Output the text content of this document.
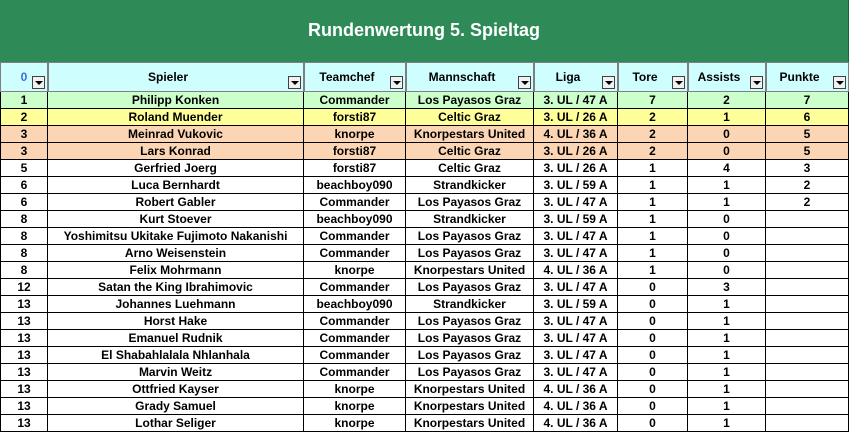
Rundenwertung 5. Spieltag
0	Spieler	Teamchef	Mannschaft	Liga	Tore	Assists	Punkte
1	Philipp Konken	Commander	Los Payasos Graz	3. UL / 47 A	7	2	7
2	Roland Muender	forsti87	Celtic Graz	3. UL / 26 A	2	1	6
3	Meinrad Vukovic	knorpe	Knorpestars United	4. UL / 36 A	2	0	5
3	Lars Konrad	forsti87	Celtic Graz	3. UL / 26 A	2	0	5
5	Gerfried Joerg	forsti87	Celtic Graz	3. UL / 26 A	1	4	3
6	Luca Bernhardt	beachboy090	Strandkicker	3. UL / 59 A	1	1	2
6	Robert Gabler	Commander	Los Payasos Graz	3. UL / 47 A	1	1	2
8	Kurt Stoever	beachboy090	Strandkicker	3. UL / 59 A	1	0
8	Yoshimitsu Ukitake Fujimoto Nakanishi	Commander	Los Payasos Graz	3. UL / 47 A	1	0
8	Arno Weisenstein	Commander	Los Payasos Graz	3. UL / 47 A	1	0
8	Felix Mohrmann	knorpe	Knorpestars United	4. UL / 36 A	1	0
12	Satan the King Ibrahimovic	Commander	Los Payasos Graz	3. UL / 47 A	0	3
13	Johannes Luehmann	beachboy090	Strandkicker	3. UL / 59 A	0	1
13	Horst Hake	Commander	Los Payasos Graz	3. UL / 47 A	0	1
13	Emanuel Rudnik	Commander	Los Payasos Graz	3. UL / 47 A	0	1
13	El Shabahlalala Nhlanhala	Commander	Los Payasos Graz	3. UL / 47 A	0	1
13	Marvin Weitz	Commander	Los Payasos Graz	3. UL / 47 A	0	1
13	Ottfried Kayser	knorpe	Knorpestars United	4. UL / 36 A	0	1
13	Grady Samuel	knorpe	Knorpestars United	4. UL / 36 A	0	1
13	Lothar Seliger	knorpe	Knorpestars United	4. UL / 36 A	0	1
